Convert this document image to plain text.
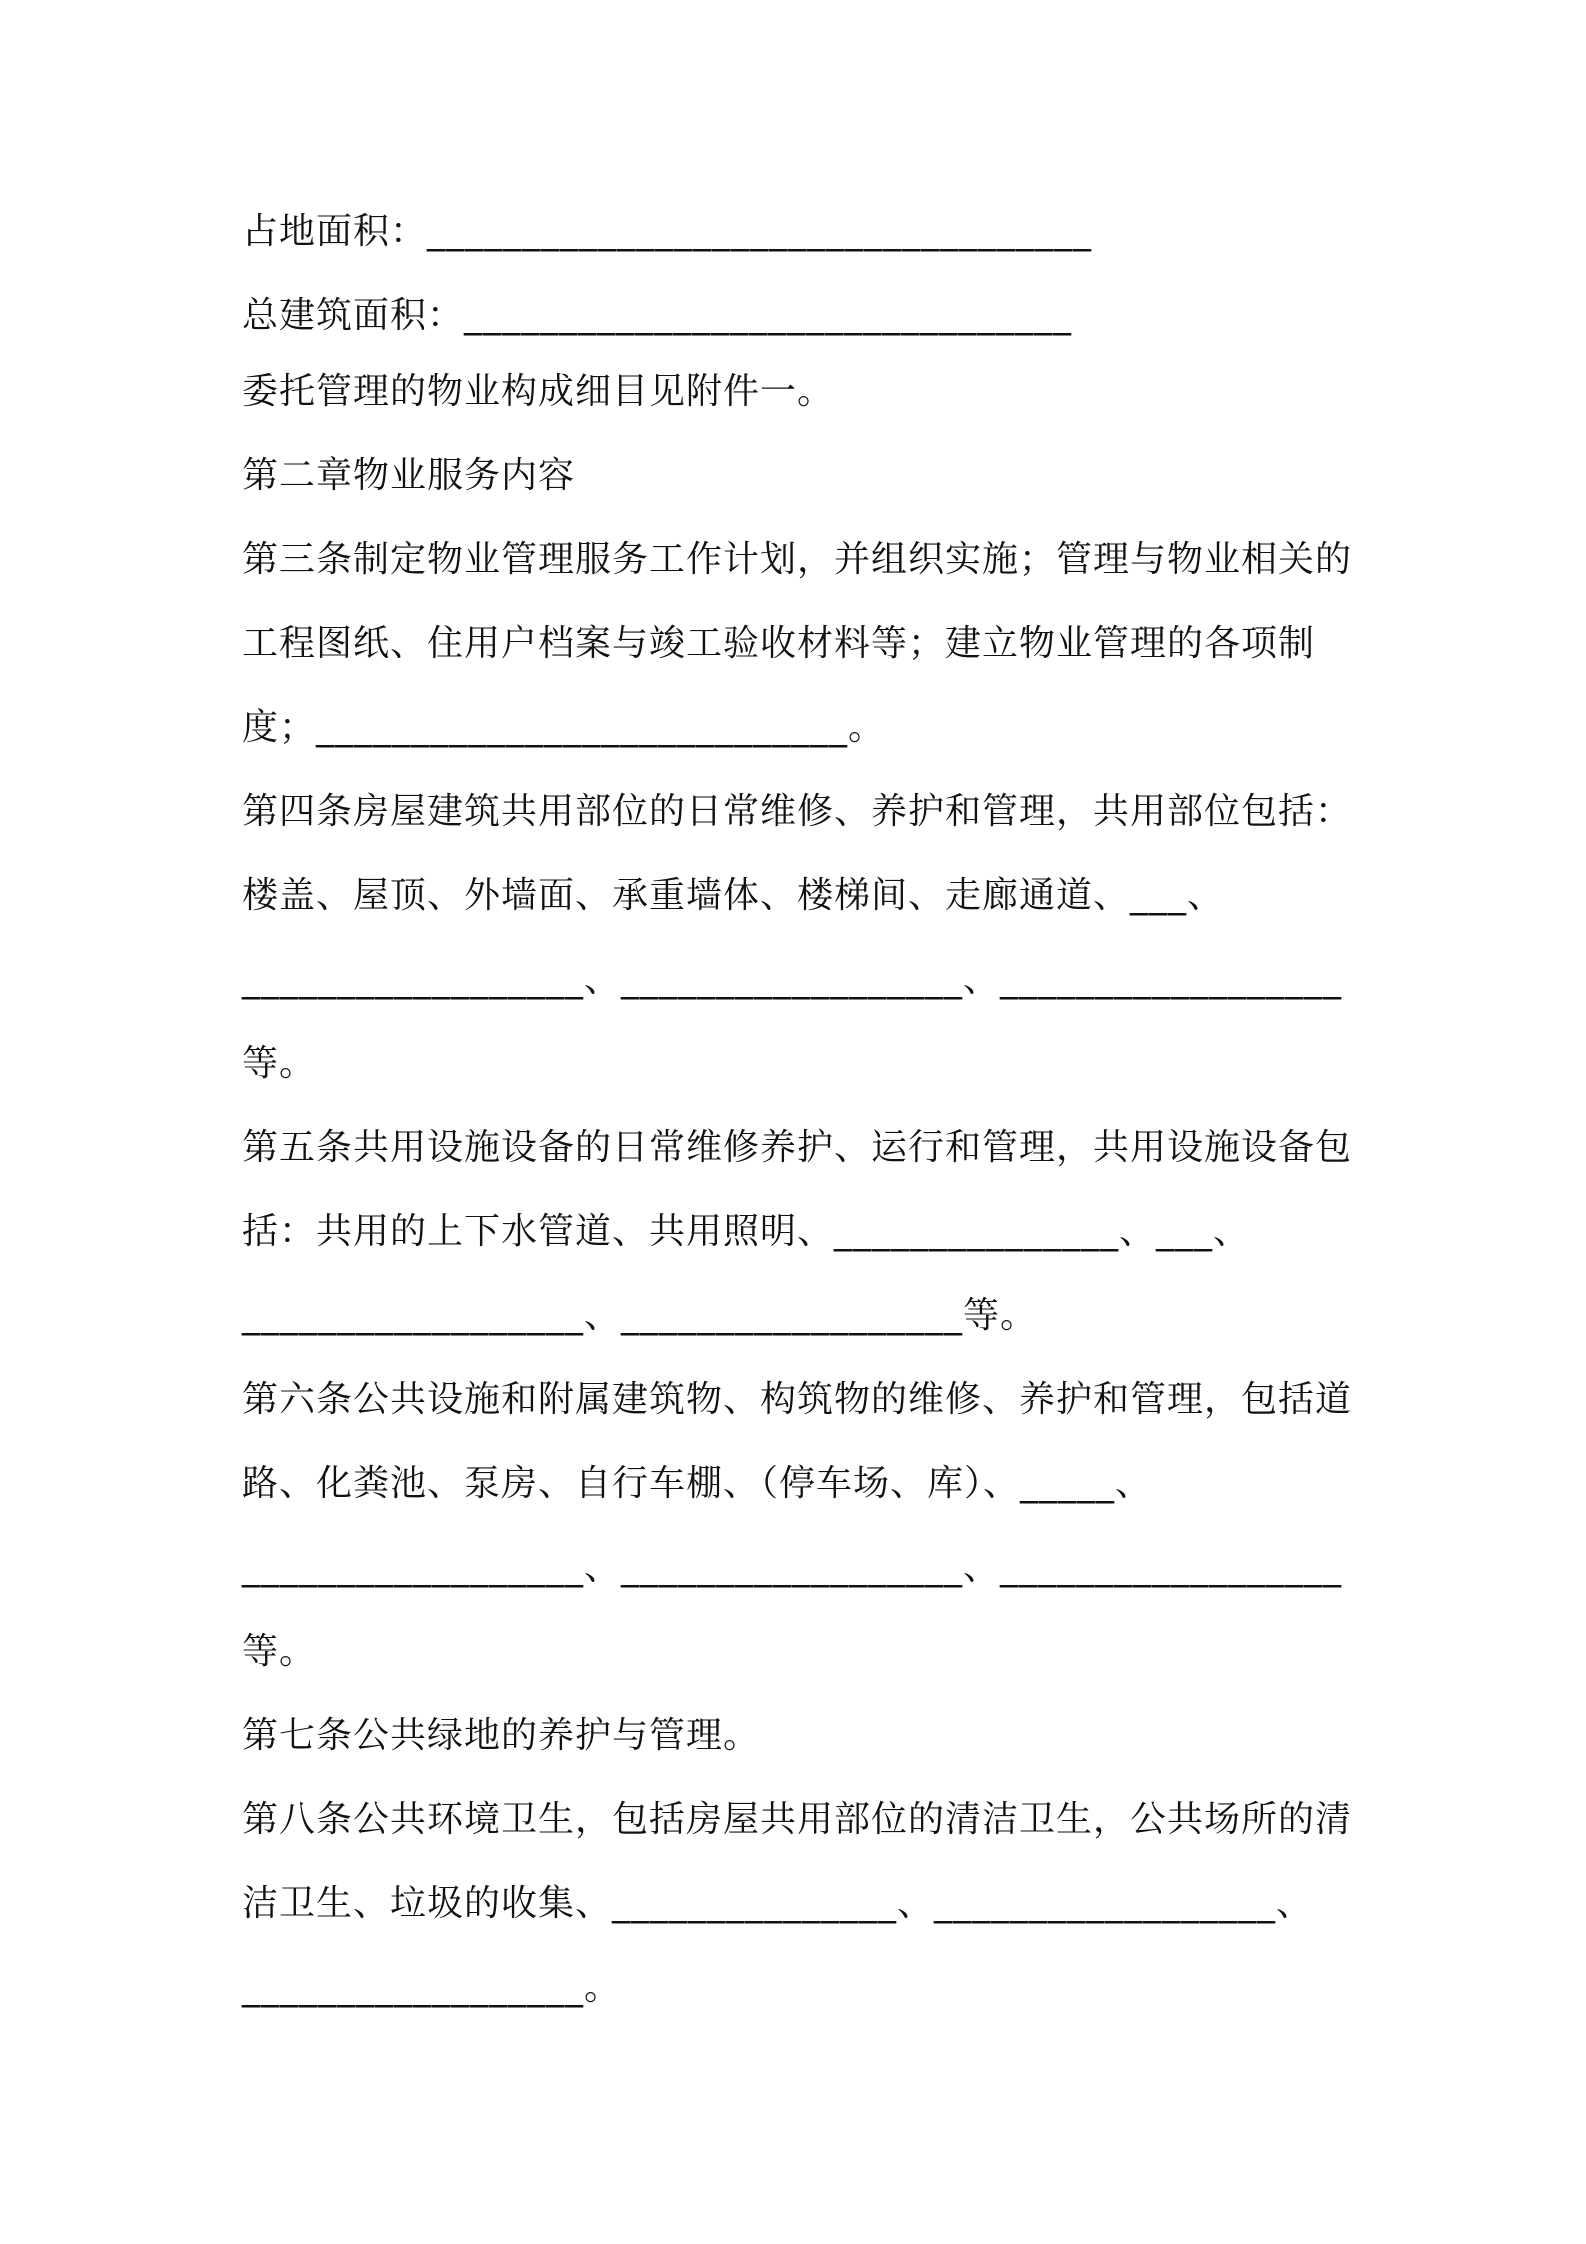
占地面积：___________________________________
总建筑面积：________________________________
委托管理的物业构成细目见附件一。
第二章物业服务内容
第三条制定物业管理服务工作计划，并组织实施；管理与物业相关的
工程图纸、住用户档案与竣工验收材料等；建立物业管理的各项制
度；____________________________。
第四条房屋建筑共用部位的日常维修、养护和管理，共用部位包括：
楼盖、屋顶、外墙面、承重墙体、楼梯间、走廊通道、___、
__________________、__________________、__________________
等。
第五条共用设施设备的日常维修养护、运行和管理，共用设施设备包
括：共用的上下水管道、共用照明、_______________、___、
__________________、__________________等。
第六条公共设施和附属建筑物、构筑物的维修、养护和管理，包括道
路、化粪池、泵房、自行车棚、（停车场、库）、_____、
__________________、__________________、__________________
等。
第七条公共绿地的养护与管理。
第八条公共环境卫生，包括房屋共用部位的清洁卫生，公共场所的清
洁卫生、垃圾的收集、_______________、__________________、
__________________。
